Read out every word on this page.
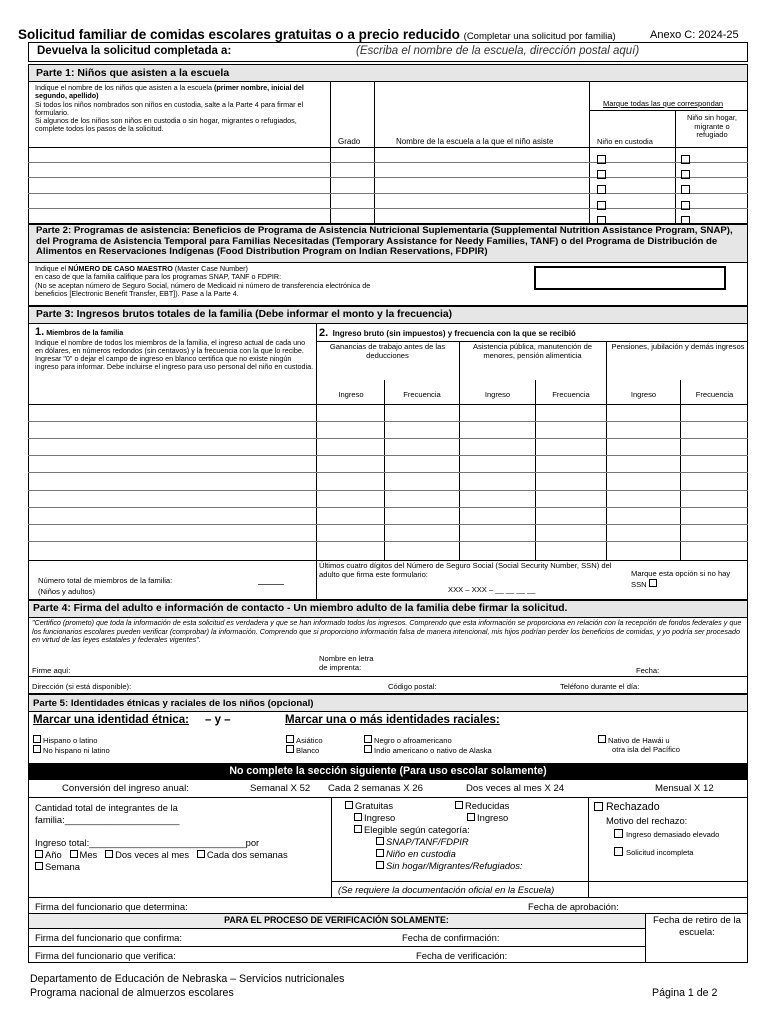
Solicitud familiar de comidas escolares gratuitas o a precio reducido (Completar una solicitud por familia)	Anexo C: 2024-25
Devuelva la solicitud completada a:	(Escriba el nombre de la escuela, dirección postal aquí)
Parte 1: Niños que asisten a la escuela
Indique el nombre de los niños que asisten a la escuela (primer nombre, inicial del segundo, apellido)
Si todos los niños nombrados son niños en custodia, salte a la Parte 4 para firmar el formulario.
Si algunos de los niños son niños en custodia o sin hogar, migrantes o refugiados, complete todos los pasos de la solicitud.
Grado	Nombre de la escuela a la que el niño asiste
Marque todas las que correspondan
Niño en custodia
Niño sin hogar, migrante o refugiado
Parte 2: Programas de asistencia: Beneficios de Programa de Asistencia Nutricional Suplementaria (Supplemental Nutrition Assistance Program, SNAP), del Programa de Asistencia Temporal para Familias Necesitadas (Temporary Assistance for Needy Families, TANF) o del Programa de Distribución de Alimentos en Reservaciones Indígenas (Food Distribution Program on Indian Reservations, FDPIR)
Indique el NÚMERO DE CASO MAESTRO (Master Case Number)
en caso de que la familia califique para los programas SNAP, TANF o FDPIR:
(No se aceptan número de Seguro Social, número de Medicaid ni número de transferencia electrónica de beneficios [Electronic Benefit Transfer, EBT]). Pase a la Parte 4.
Parte 3: Ingresos brutos totales de la familia (Debe informar el monto y la frecuencia)
1. Miembros de la familia
Indique el nombre de todos los miembros de la familia, el ingreso actual de cada uno en dólares, en números redondos (sin centavos) y la frecuencia con la que lo recibe. Ingresar "0" o dejar el campo de ingreso en blanco certifica que no existe ningún ingreso para informar. Debe incluirse el ingreso para uso personal del niño en custodia.
2. Ingreso bruto (sin impuestos) y frecuencia con la que se recibió
Ganancias de trabajo antes de las deducciones
Asistencia pública, manutención de menores, pensión alimenticia
Pensiones, jubilación y demás ingresos
Ingreso	Frecuencia	Ingreso	Frecuencia	Ingreso	Frecuencia
Número total de miembros de la familia:
(Niños y adultos)
Últimos cuatro dígitos del Número de Seguro Social (Social Security Number, SSN) del adulto que firma este formulario:
XXX – XXX – __ __ __ __
Marque esta opción si no hay SSN
Parte 4: Firma del adulto e información de contacto - Un miembro adulto de la familia debe firmar la solicitud.
"Certifico (prometo) que toda la información de esta solicitud es verdadera y que se han informado todos los ingresos. Comprendo que esta información se proporciona en relación con la recepción de fondos federales y que los funcionarios escolares pueden verificar (comprobar) la información. Comprendo que si proporciono información falsa de manera intencional, mis hijos podrían perder los beneficios de comidas, y yo podría ser procesado en virtud de las leyes estatales y federales vigentes".
Firme aquí:
Nombre en letra de imprenta:	Fecha:
Dirección (si está disponible):	Código postal:	Teléfono durante el día:
Parte 5: Identidades étnicas y raciales de los niños (opcional)
Marcar una identidad étnica: – y –	Marcar una o más identidades raciales:
Hispano o latino
No hispano ni latino
Asiático
Blanco
Negro o afroamericano
Indio americano o nativo de Alaska
Nativo de Hawái u
otra isla del Pacífico
No complete la sección siguiente (Para uso escolar solamente)
Conversión del ingreso anual:	Semanal X 52 Cada 2 semanas X 26	Dos veces al mes X 24	Mensual X 12
Cantidad total de integrantes de la familia:______________________
Ingreso total:______________________________por
Año Mes Dos veces al mes Cada dos semanas
Semana
Gratuitas	Reducidas
Ingreso	Ingreso
Elegible según categoría:
SNAP/TANF/FDPIR
Niño en custodia
Sin hogar/Migrantes/Refugiados:
Rechazado
Motivo del rechazo:
Ingreso demasiado elevado
Solicitud incompleta
(Se requiere la documentación oficial en la Escuela)
Firma del funcionario que determina:	Fecha de aprobación:
PARA EL PROCESO DE VERIFICACIÓN SOLAMENTE:	Fecha de retiro de la escuela:
Firma del funcionario que confirma:	Fecha de confirmación:
Firma del funcionario que verifica:	Fecha de verificación:
Departamento de Educación de Nebraska – Servicios nutricionales
Programa nacional de almuerzos escolares	Página 1 de 2
